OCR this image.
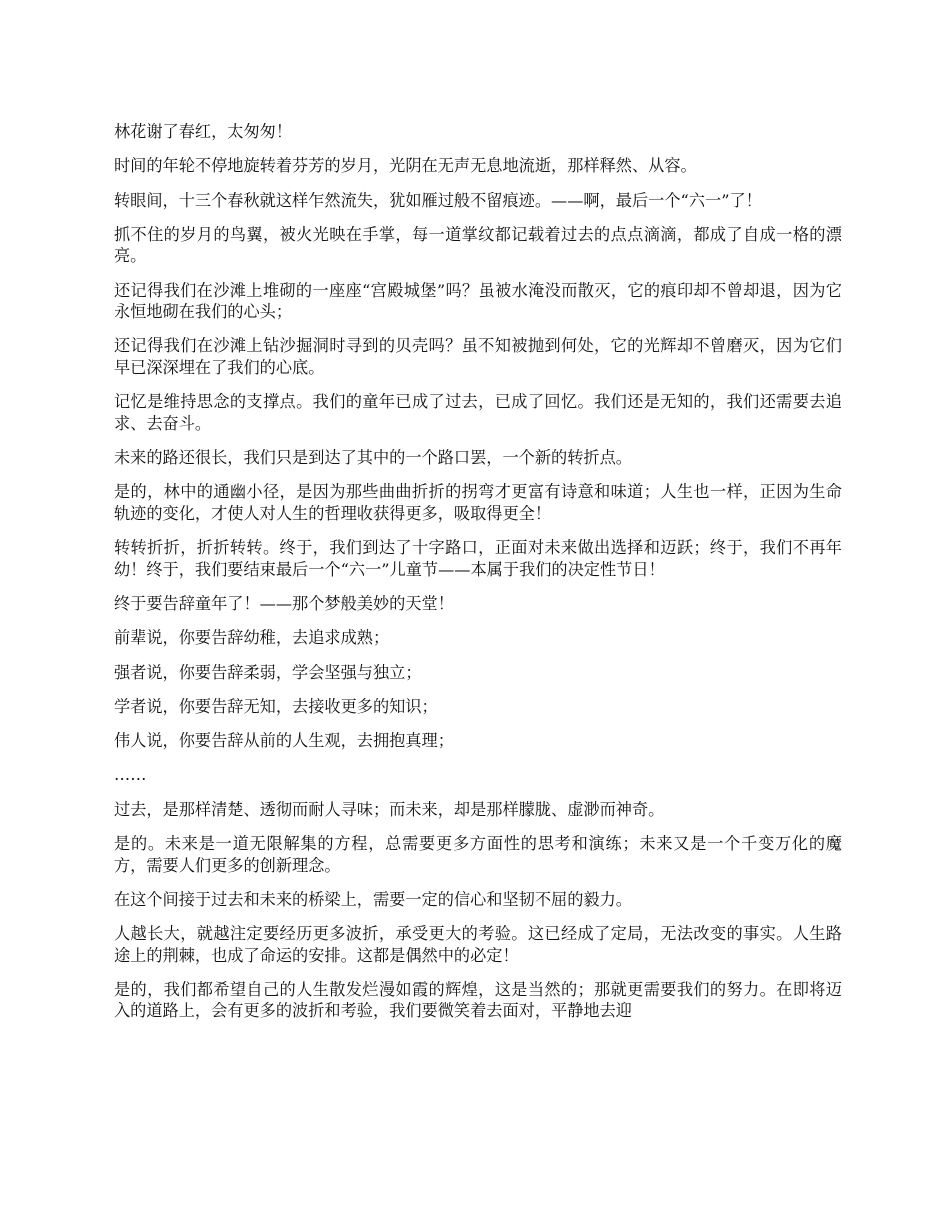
林花谢了春红，太匆匆！

时间的年轮不停地旋转着芬芳的岁月，光阴在无声无息地流逝，那样释然、从容。

转眼间，十三个春秋就这样乍然流失，犹如雁过般不留痕迹。——啊，最后一个“六一”了！

抓不住的岁月的鸟翼，被火光映在手掌，每一道掌纹都记载着过去的点点滴滴，都成了自成一格的漂亮。

还记得我们在沙滩上堆砌的一座座“宫殿城堡”吗？虽被水淹没而散灭，它的痕印却不曾却退，因为它永恒地砌在我们的心头；

还记得我们在沙滩上钻沙掘洞时寻到的贝壳吗？虽不知被抛到何处，它的光辉却不曾磨灭，因为它们早已深深埋在了我们的心底。

记忆是维持思念的支撑点。我们的童年已成了过去，已成了回忆。我们还是无知的，我们还需要去追求、去奋斗。

未来的路还很长，我们只是到达了其中的一个路口罢，一个新的转折点。

是的，林中的通幽小径，是因为那些曲曲折折的拐弯才更富有诗意和味道；人生也一样，正因为生命轨迹的变化，才使人对人生的哲理收获得更多，吸取得更全！

转转折折，折折转转。终于，我们到达了十字路口，正面对未来做出选择和迈跃；终于，我们不再年幼！终于，我们要结束最后一个“六一”儿童节——本属于我们的决定性节日！

终于要告辞童年了！——那个梦般美妙的天堂！

前辈说，你要告辞幼稚，去追求成熟；

强者说，你要告辞柔弱，学会坚强与独立；

学者说，你要告辞无知，去接收更多的知识；

伟人说，你要告辞从前的人生观，去拥抱真理；

……

过去，是那样清楚、透彻而耐人寻味；而未来，却是那样朦胧、虚渺而神奇。

是的。未来是一道无限解集的方程，总需要更多方面性的思考和演练；未来又是一个千变万化的魔方，需要人们更多的创新理念。

在这个间接于过去和未来的桥梁上，需要一定的信心和坚韧不屈的毅力。

人越长大，就越注定要经历更多波折，承受更大的考验。这已经成了定局，无法改变的事实。人生路途上的荆棘，也成了命运的安排。这都是偶然中的必定！

是的，我们都希望自己的人生散发烂漫如霞的辉煌，这是当然的；那就更需要我们的努力。在即将迈入的道路上，会有更多的波折和考验，我们要微笑着去面对，平静地去迎
